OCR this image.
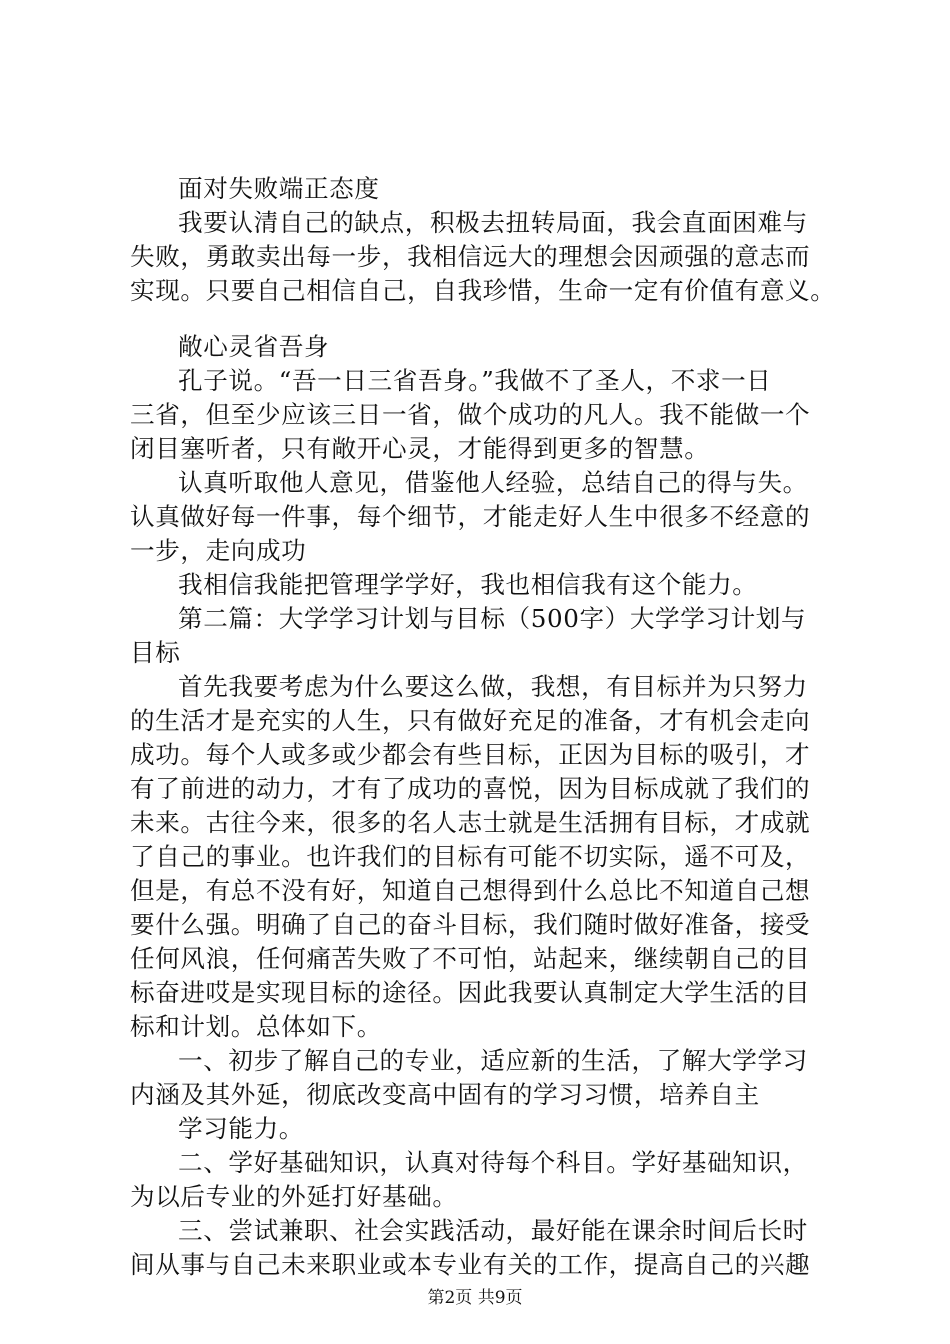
面对失败端正态度
我要认清自己的缺点，积极去扭转局面，我会直面困难与
失败，勇敢卖出每一步，我相信远大的理想会因顽强的意志而
实现。只要自己相信自己，自我珍惜，生命一定有价值有意义。
敞心灵省吾身
孔子说。“吾一日三省吾身。”我做不了圣人，不求一日
三省，但至少应该三日一省，做个成功的凡人。我不能做一个
闭目塞听者，只有敞开心灵，才能得到更多的智慧。
认真听取他人意见，借鉴他人经验，总结自己的得与失。
认真做好每一件事，每个细节，才能走好人生中很多不经意的
一步，走向成功
我相信我能把管理学学好，我也相信我有这个能力。
第二篇：大学学习计划与目标（500字）大学学习计划与
目标
首先我要考虑为什么要这么做，我想，有目标并为只努力
的生活才是充实的人生，只有做好充足的准备，才有机会走向
成功。每个人或多或少都会有些目标，正因为目标的吸引，才
有了前进的动力，才有了成功的喜悦，因为目标成就了我们的
未来。古往今来，很多的名人志士就是生活拥有目标，才成就
了自己的事业。也许我们的目标有可能不切实际，遥不可及，
但是，有总不没有好，知道自己想得到什么总比不知道自己想
要什么强。明确了自己的奋斗目标，我们随时做好准备，接受
任何风浪，任何痛苦失败了不可怕，站起来，继续朝自己的目
标奋进哎是实现目标的途径。因此我要认真制定大学生活的目
标和计划。总体如下。
一、初步了解自己的专业，适应新的生活，了解大学学习
内涵及其外延，彻底改变高中固有的学习习惯，培养自主
学习能力。
二、学好基础知识，认真对待每个科目。学好基础知识，
为以后专业的外延打好基础。
三、尝试兼职、社会实践活动，最好能在课余时间后长时
间从事与自己未来职业或本专业有关的工作，提高自己的兴趣
第2页 共9页
